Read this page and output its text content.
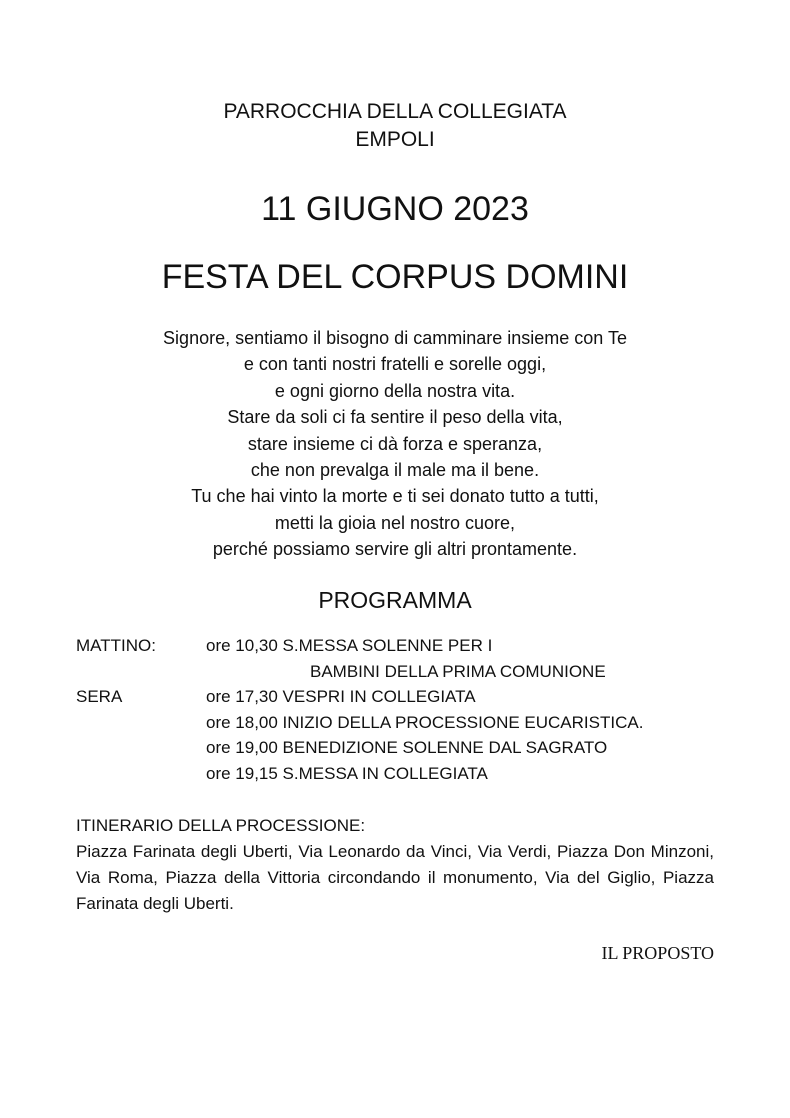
PARROCCHIA DELLA COLLEGIATA
EMPOLI
11 GIUGNO 2023
FESTA DEL CORPUS DOMINI
Signore, sentiamo il bisogno di camminare insieme con Te
e con tanti nostri fratelli e sorelle oggi,
e ogni giorno della nostra vita.
Stare da soli ci fa sentire il peso della vita,
stare insieme ci dà forza e speranza,
che non prevalga il male ma il bene.
Tu che hai vinto la morte e ti sei donato tutto a tutti,
metti la gioia nel nostro cuore,
perché possiamo servire gli altri prontamente.
PROGRAMMA
MATTINO:	ore 10,30 S.MESSA SOLENNE PER I
BAMBINI DELLA PRIMA COMUNIONE
SERA	ore 17,30 VESPRI IN COLLEGIATA
ore 18,00 INIZIO DELLA PROCESSIONE EUCARISTICA.
ore 19,00 BENEDIZIONE SOLENNE DAL SAGRATO
ore 19,15 S.MESSA IN COLLEGIATA
ITINERARIO DELLA PROCESSIONE:
Piazza Farinata degli Uberti, Via Leonardo da Vinci, Via Verdi, Piazza Don Minzoni, Via Roma, Piazza della Vittoria circondando il monumento, Via del Giglio, Piazza Farinata degli Uberti.
IL PROPOSTO
